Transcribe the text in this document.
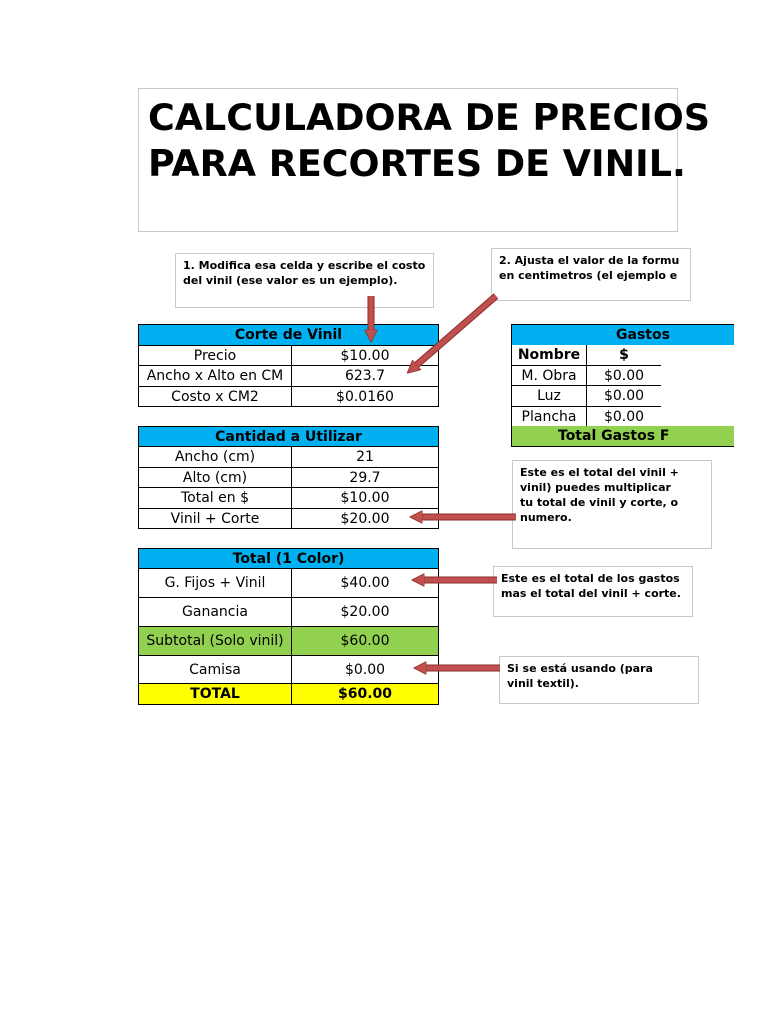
CALCULADORA DE PRECIOS
PARA RECORTES DE VINIL.
1. Modifica esa celda y escribe el costo
del vinil (ese valor es un ejemplo).
2. Ajusta el valor de la formu
en centimetros (el ejemplo e
Este es el total del vinil +
vinil) puedes multiplicar
tu total de vinil y corte, o
numero.
Este es el total de los gastos
mas el total del vinil + corte.
Si se está usando (para
vinil textil).
Corte de Vinil	
Precio	$10.00
Ancho x Alto en CM	623.7
Costo x CM2	$0.0160
Cantidad a Utilizar	
Ancho (cm)	21
Alto (cm)	29.7
Total en $	$10.00
Vinil + Corte	$20.00
Total (1 Color)	
G. Fijos + Vinil	$40.00
Ganancia	$20.00
Subtotal (Solo vinil)	$60.00
Camisa	$0.00
TOTAL	$60.00
Nombre	$
M. Obra	$0.00
Luz	$0.00
Plancha	$0.00
Gastos
Total Gastos F
